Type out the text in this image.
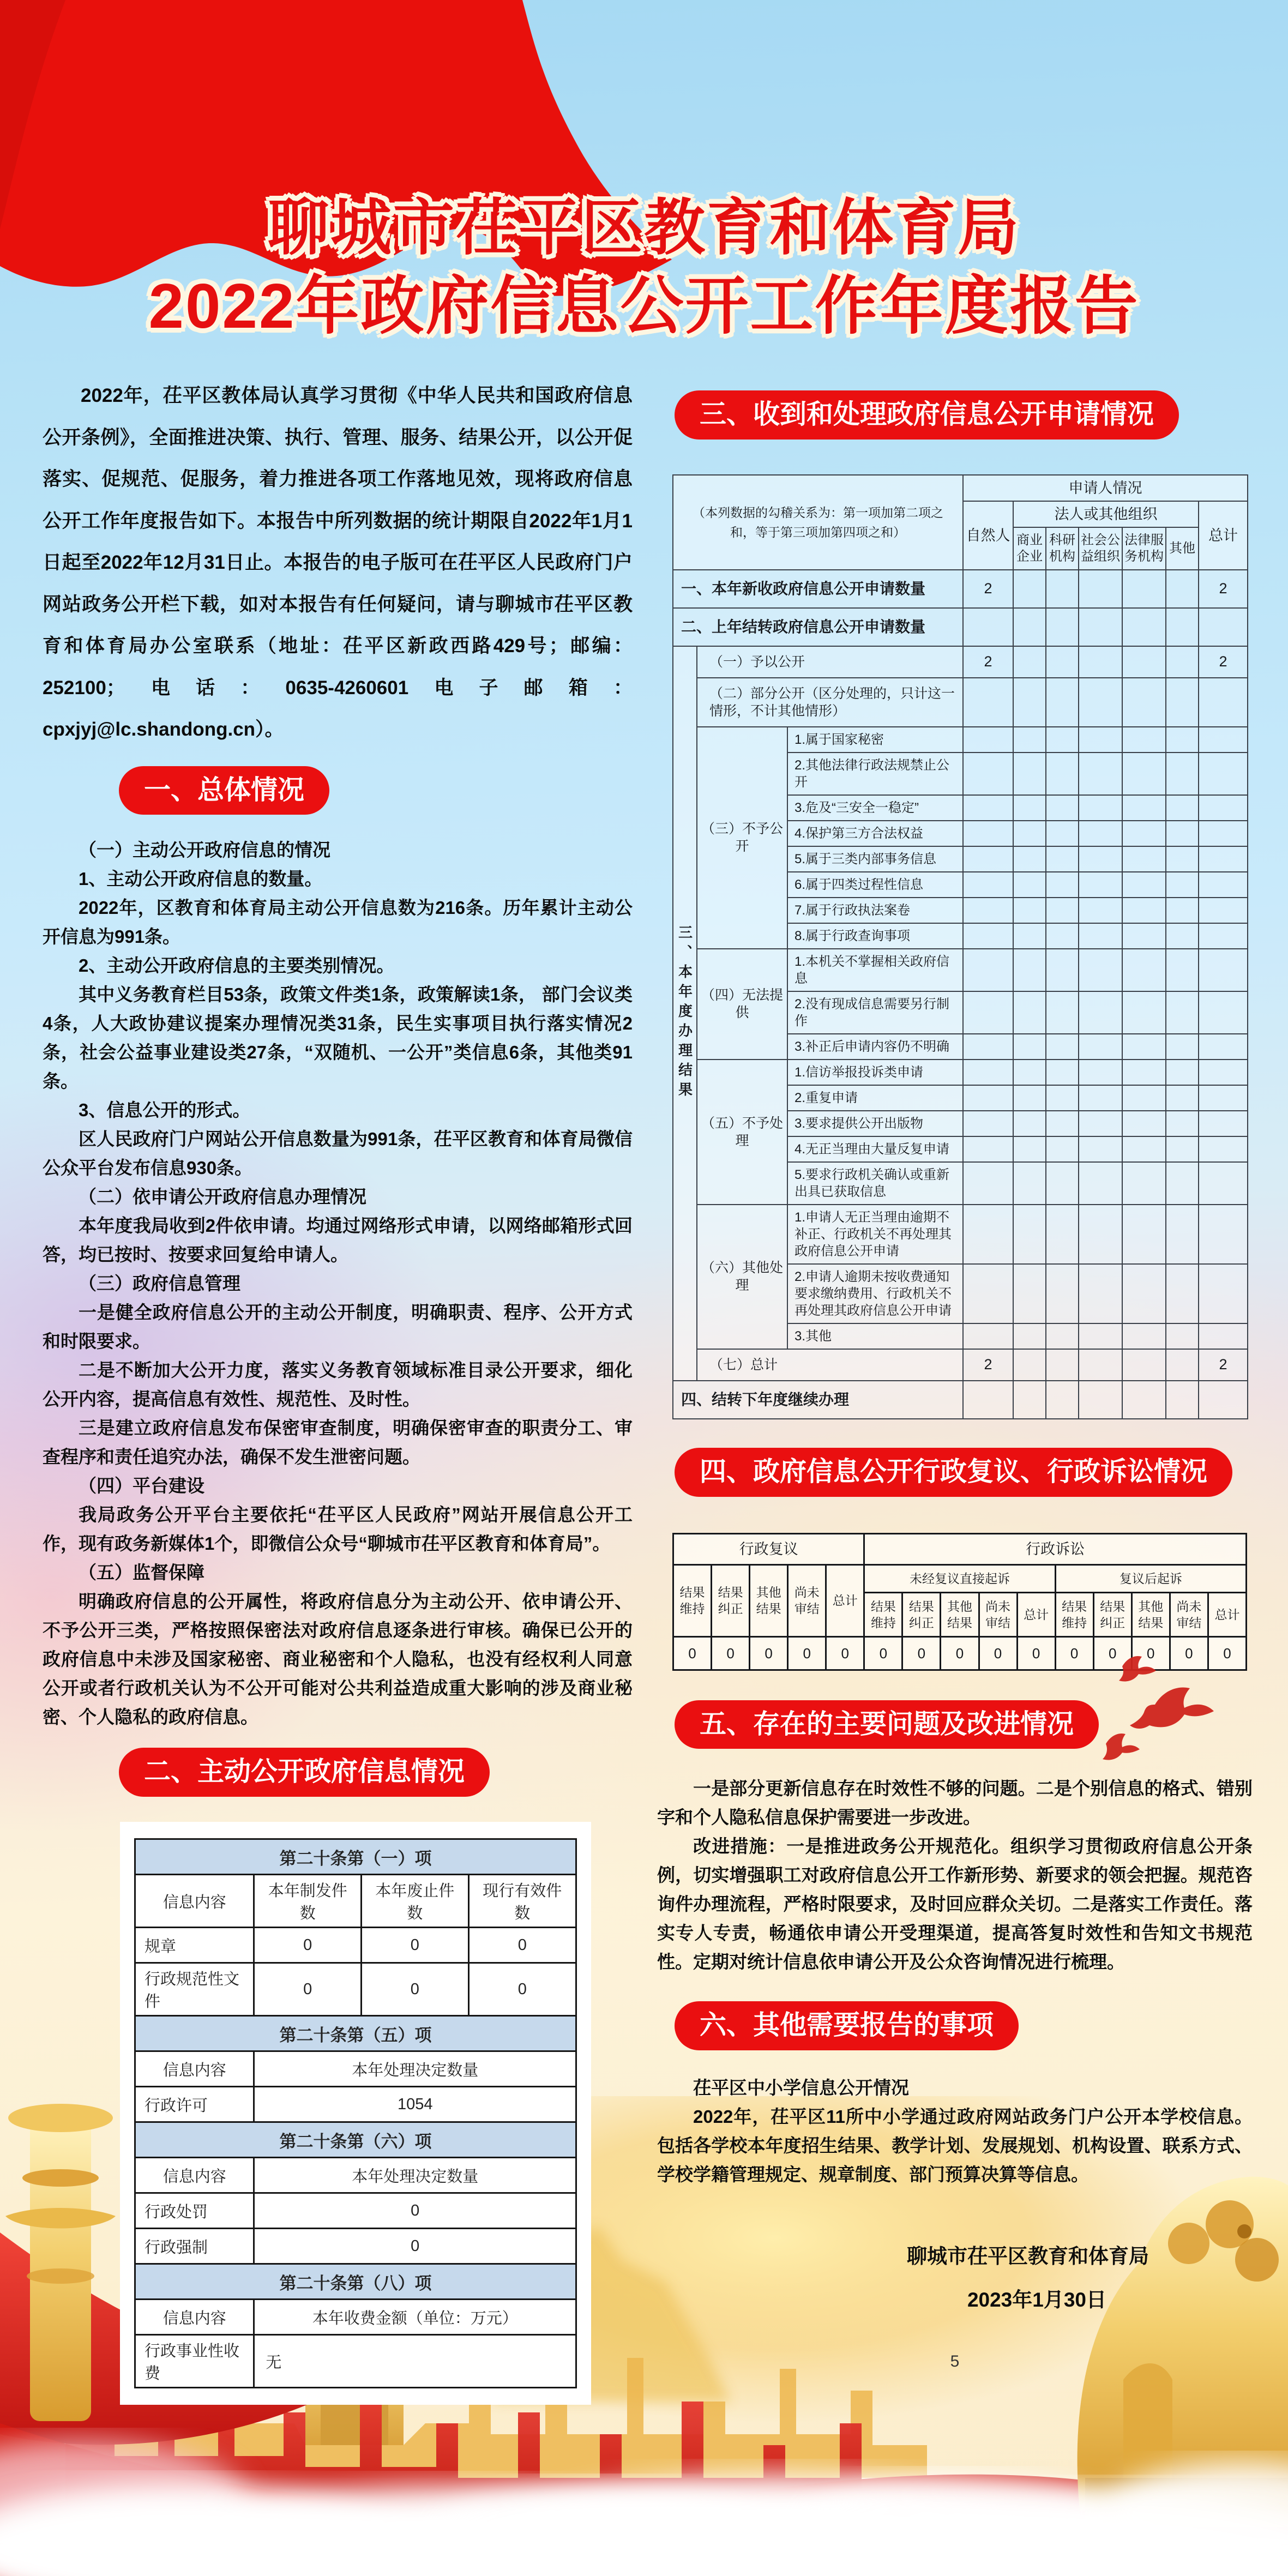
聊城市茌平区教育和体育局
2022年政府信息公开工作年度报告

2022年，茌平区教体局认真学习贯彻《中华人民共和国政府信息公开条例》，全面推进决策、执行、管理、服务、结果公开，以公开促落实、促规范、促服务，着力推进各项工作落地见效，现将政府信息公开工作年度报告如下。本报告中所列数据的统计期限自2022年1月1日起至2022年12月31日止。本报告的电子版可在茌平区人民政府门户网站政务公开栏下载，如对本报告有任何疑问，请与聊城市茌平区教育和体育局办公室联系（地址：茌平区新政西路429号；邮编：252100；电话：0635-4260601电子邮箱：cpxjyj@lc.shandong.cn）。

一、总体情况

（一）主动公开政府信息的情况

1、主动公开政府信息的数量。

2022年，区教育和体育局主动公开信息数为216条。历年累计主动公开信息为991条。

2、主动公开政府信息的主要类别情况。

其中义务教育栏目53条，政策文件类1条，政策解读1条， 部门会议类4条，人大政协建议提案办理情况类31条，民生实事项目执行落实情况2条，社会公益事业建设类27条，“双随机、一公开”类信息6条，其他类91条。

3、信息公开的形式。

区人民政府门户网站公开信息数量为991条，茌平区教育和体育局微信公众平台发布信息930条。

（二）依申请公开政府信息办理情况

本年度我局收到2件依申请。均通过网络形式申请，以网络邮箱形式回答，均已按时、按要求回复给申请人。

（三）政府信息管理

一是健全政府信息公开的主动公开制度，明确职责、程序、公开方式和时限要求。

二是不断加大公开力度，落实义务教育领域标准目录公开要求，细化公开内容，提高信息有效性、规范性、及时性。

三是建立政府信息发布保密审查制度，明确保密审查的职责分工、审查程序和责任追究办法，确保不发生泄密问题。

（四）平台建设

我局政务公开平台主要依托“茌平区人民政府”网站开展信息公开工作，现有政务新媒体1个，即微信公众号“聊城市茌平区教育和体育局”。

（五）监督保障

明确政府信息的公开属性，将政府信息分为主动公开、依申请公开、不予公开三类，严格按照保密法对政府信息逐条进行审核。确保已公开的政府信息中未涉及国家秘密、商业秘密和个人隐私，也没有经权利人同意公开或者行政机关认为不公开可能对公共利益造成重大影响的涉及商业秘密、个人隐私的政府信息。

二、主动公开政府信息情况
第二十条第（一）项			
信息内容	本年制发件数	本年废止件数	现行有效件数
规章	0	0	0
行政规范性文件	0	0	0
第二十条第（五）项			
信息内容	本年处理决定数量		
行政许可	1054		
第二十条第（六）项			
信息内容	本年处理决定数量		
行政处罚	0		
行政强制	0		
第二十条第（八）项			
信息内容	本年收费金额（单位：万元）		
行政事业性收费	无		
三、收到和处理政府信息公开申请情况
（本列数据的勾稽关系为：第一项加第二项之和，等于第三项加第四项之和）			申请人情况						
			自然人	法人或其他组织					总计
				商业企业	科研机构	社会公益组织	法律服务机构	其他	
一、本年新收政府信息公开申请数量			2						2
二、上年结转政府信息公开申请数量									
三、本年度办理结果	（一）予以公开		2						2
	（二）部分公开（区分处理的，只计这一情形，不计其他情形）								
	（三）不予公开	1.属于国家秘密							
		2.其他法律行政法规禁止公开							
		3.危及“三安全一稳定”							
		4.保护第三方合法权益							
		5.属于三类内部事务信息							
		6.属于四类过程性信息							
		7.属于行政执法案卷							
		8.属于行政查询事项							
	（四）无法提供	1.本机关不掌握相关政府信息							
		2.没有现成信息需要另行制作							
		3.补正后申请内容仍不明确							
	（五）不予处理	1.信访举报投诉类申请							
		2.重复申请							
		3.要求提供公开出版物							
		4.无正当理由大量反复申请							
		5.要求行政机关确认或重新出具已获取信息							
	（六）其他处理	1.申请人无正当理由逾期不补正、行政机关不再处理其政府信息公开申请							
		2.申请人逾期未按收费通知要求缴纳费用、行政机关不再处理其政府信息公开申请							
		3.其他							
	（七）总计		2						2
四、结转下年度继续办理									
四、政府信息公开行政复议、行政诉讼情况
行政复议					行政诉讼									
结果维持	结果纠正	其他结果	尚未审结	总计	未经复议直接起诉					复议后起诉				
					结果维持	结果纠正	其他结果	尚未审结	总计	结果维持	结果纠正	其他结果	尚未审结	总计
0	0	0	0	0	0	0	0	0	0	0	0	0	0	0
五、存在的主要问题及改进情况

一是部分更新信息存在时效性不够的问题。二是个别信息的格式、错别字和个人隐私信息保护需要进一步改进。

改进措施：一是推进政务公开规范化。组织学习贯彻政府信息公开条例，切实增强职工对政府信息公开工作新形势、新要求的领会把握。规范咨询件办理流程，严格时限要求，及时回应群众关切。二是落实工作责任。落实专人专责，畅通依申请公开受理渠道，提高答复时效性和告知文书规范性。定期对统计信息依申请公开及公众咨询情况进行梳理。

六、其他需要报告的事项

茌平区中小学信息公开情况

2022年，茌平区11所中小学通过政府网站政务门户公开本学校信息。包括各学校本年度招生结果、教学计划、发展规划、机构设置、联系方式、学校学籍管理规定、规章制度、部门预算决算等信息。

聊城市茌平区教育和体育局
2023年1月30日
5
